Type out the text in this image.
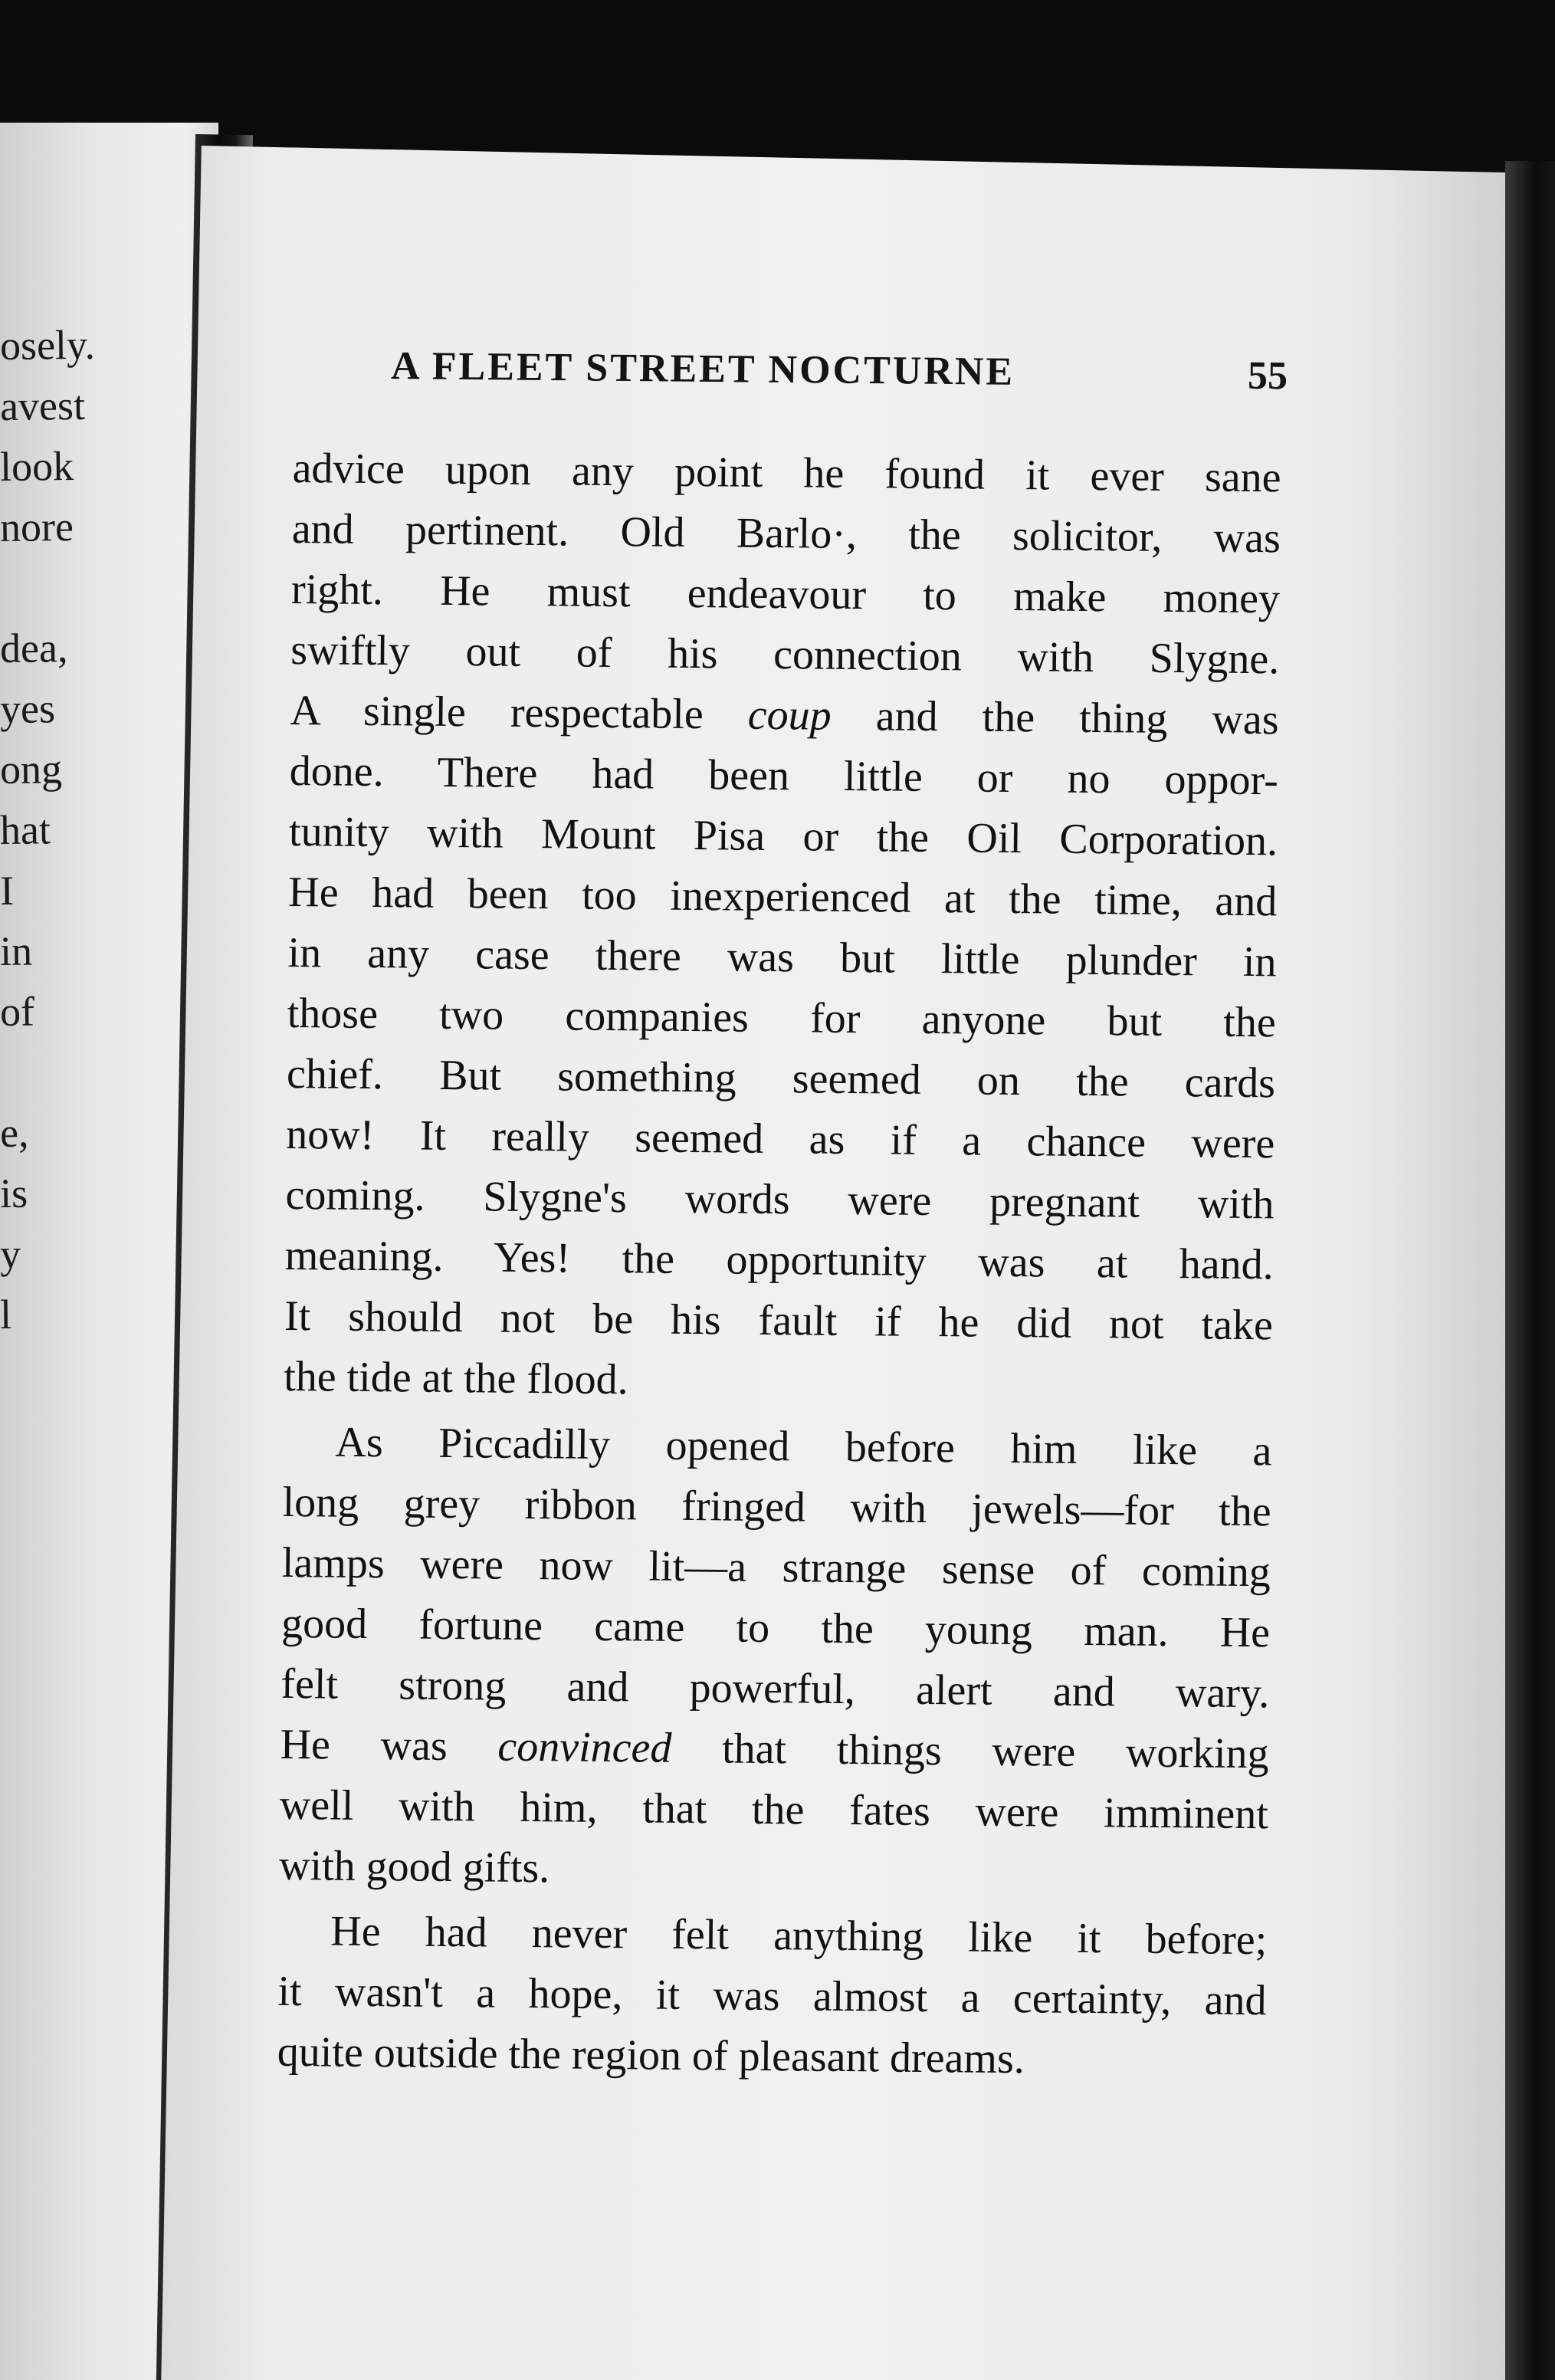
osely.
avest
look
nore
dea,
yes
ong
hat
I
in
of
e,
is
y
l
A FLEET STREET NOCTURNE	55
advice upon any point he found it ever sane
and pertinent. Old Barlo·, the solicitor, was
right. He must endeavour to make money
swiftly out of his connection with Slygne.
A single respectable coup and the thing was
done. There had been little or no oppor-
tunity with Mount Pisa or the Oil Corporation.
He had been too inexperienced at the time, and
in any case there was but little plunder in
those two companies for anyone but the
chief. But something seemed on the cards
now! It really seemed as if a chance were
coming. Slygne's words were pregnant with
meaning. Yes! the opportunity was at hand.
It should not be his fault if he did not take
the tide at the flood.
As Piccadilly opened before him like a
long grey ribbon fringed with jewels—for the
lamps were now lit—a strange sense of coming
good fortune came to the young man. He
felt strong and powerful, alert and wary.
He was convinced that things were working
well with him, that the fates were imminent
with good gifts.
He had never felt anything like it before;
it wasn't a hope, it was almost a certainty, and
quite outside the region of pleasant dreams.
